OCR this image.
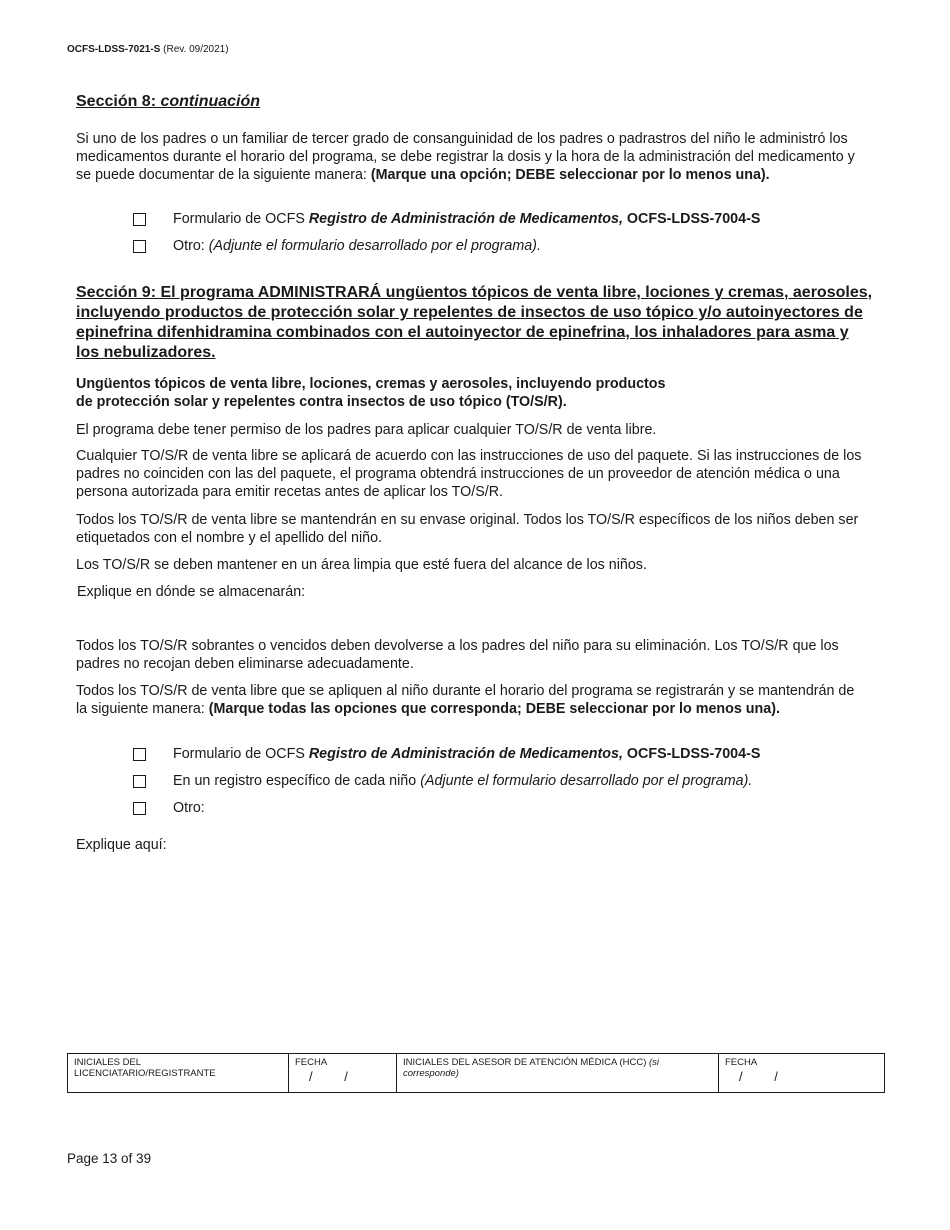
OCFS-LDSS-7021-S (Rev. 09/2021)
Sección 8: continuación
Si uno de los padres o un familiar de tercer grado de consanguinidad de los padres o padrastros del niño le administró los medicamentos durante el horario del programa, se debe registrar la dosis y la hora de la administración del medicamento y se puede documentar de la siguiente manera: (Marque una opción; DEBE seleccionar por lo menos una).
Formulario de OCFS Registro de Administración de Medicamentos, OCFS-LDSS-7004-S
Otro: (Adjunte el formulario desarrollado por el programa).
Sección 9: El programa ADMINISTRARÁ ungüentos tópicos de venta libre, lociones y cremas, aerosoles, incluyendo productos de protección solar y repelentes de insectos de uso tópico y/o autoinyectores de epinefrina difenhidramina combinados con el autoinyector de epinefrina, los inhaladores para asma y los nebulizadores.
Ungüentos tópicos de venta libre, lociones, cremas y aerosoles, incluyendo productos
de protección solar y repelentes contra insectos de uso tópico (TO/S/R).
El programa debe tener permiso de los padres para aplicar cualquier TO/S/R de venta libre.
Cualquier TO/S/R de venta libre se aplicará de acuerdo con las instrucciones de uso del paquete. Si las instrucciones de los padres no coinciden con las del paquete, el programa obtendrá instrucciones de un proveedor de atención médica o una persona autorizada para emitir recetas antes de aplicar los TO/S/R.
Todos los TO/S/R de venta libre se mantendrán en su envase original. Todos los TO/S/R específicos de los niños deben ser etiquetados con el nombre y el apellido del niño.
Los TO/S/R se deben mantener en un área limpia que esté fuera del alcance de los niños.
Explique en dónde se almacenarán:
Todos los TO/S/R sobrantes o vencidos deben devolverse a los padres del niño para su eliminación. Los TO/S/R que los padres no recojan deben eliminarse adecuadamente.
Todos los TO/S/R de venta libre que se apliquen al niño durante el horario del programa se registrarán y se mantendrán de la siguiente manera: (Marque todas las opciones que corresponda; DEBE seleccionar por lo menos una).
Formulario de OCFS Registro de Administración de Medicamentos, OCFS-LDSS-7004-S
En un registro específico de cada niño (Adjunte el formulario desarrollado por el programa).
Otro:
Explique aquí:
INICIALES DEL LICENCIATARIO/REGISTRANTE
FECHA
/ /
INICIALES DEL ASESOR DE ATENCIÓN MÉDICA (HCC) (si corresponde)
FECHA
/ /
Page 13 of 39
